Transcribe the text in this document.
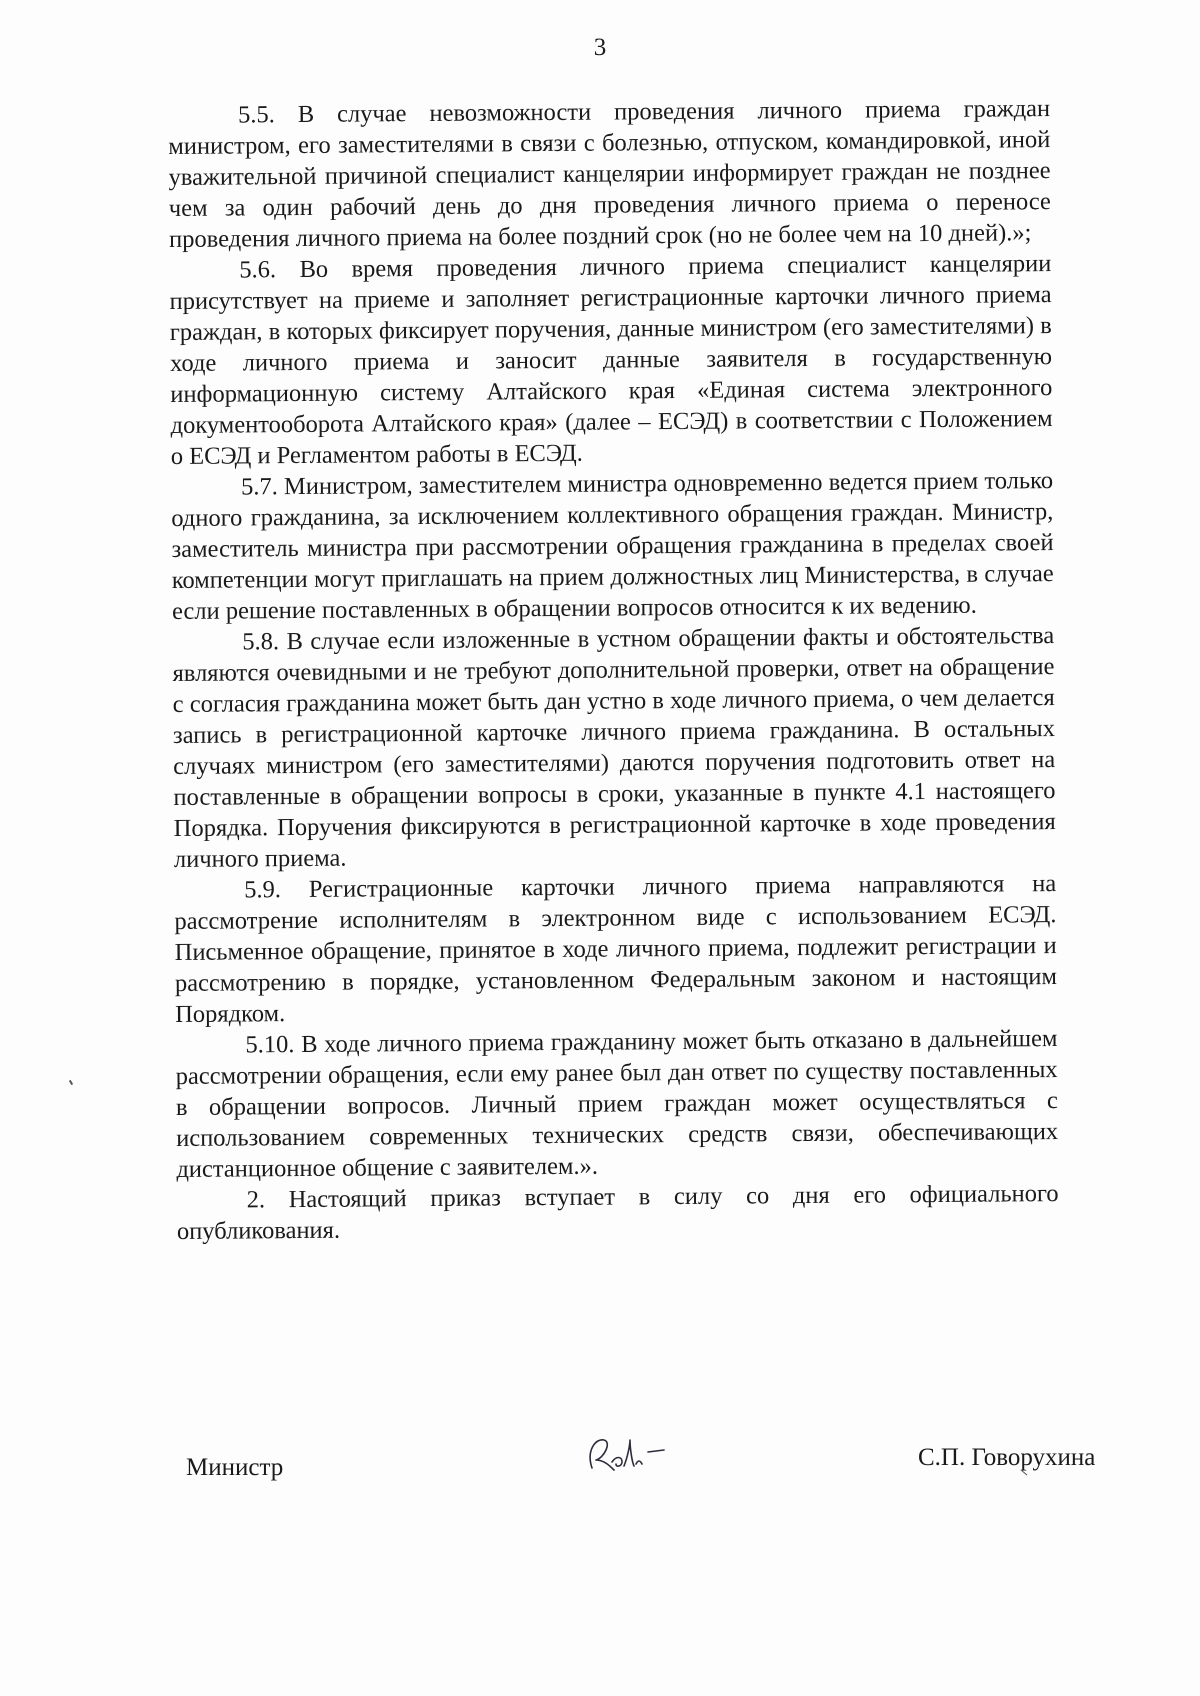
3

5.5. В случае невозможности проведения личного приема граждан министром, его заместителями в связи с болезнью, отпуском, командировкой, иной уважительной причиной специалист канцелярии информирует граждан не позднее чем за один рабочий день до дня проведения личного приема о переносе проведения личного приема на более поздний срок (но не более чем на 10 дней).»;

5.6. Во время проведения личного приема специалист канцелярии присутствует на приеме и заполняет регистрационные карточки личного приема граждан, в которых фиксирует поручения, данные министром (его заместителями) в ходе личного приема и заносит данные заявителя в государственную информационную систему Алтайского края «Единая система электронного документооборота Алтайского края» (далее – ЕСЭД) в соответствии с Положением о ЕСЭД и Регламентом работы в ЕСЭД.

5.7. Министром, заместителем министра одновременно ведется прием только одного гражданина, за исключением коллективного обращения граждан. Министр, заместитель министра при рассмотрении обращения гражданина в пределах своей компетенции могут приглашать на прием должностных лиц Министерства, в случае если решение поставленных в обращении вопросов относится к их ведению.

5.8. В случае если изложенные в устном обращении факты и обстоятельства являются очевидными и не требуют дополнительной проверки, ответ на обращение с согласия гражданина может быть дан устно в ходе личного приема, о чем делается запись в регистрационной карточке личного приема гражданина. В остальных случаях министром (его заместителями) даются поручения подготовить ответ на поставленные в обращении вопросы в сроки, указанные в пункте 4.1 настоящего Порядка. Поручения фиксируются в регистрационной карточке в ходе проведения личного приема.

5.9. Регистрационные карточки личного приема направляются на рассмотрение исполнителям в электронном виде с использованием ЕСЭД. Письменное обращение, принятое в ходе личного приема, подлежит регистрации и рассмотрению в порядке, установленном Федеральным законом и настоящим Порядком.

5.10. В ходе личного приема гражданину может быть отказано в дальнейшем рассмотрении обращения, если ему ранее был дан ответ по существу поставленных в обращении вопросов. Личный прием граждан может осуществляться с использованием современных технических средств связи, обеспечивающих дистанционное общение с заявителем.».

2. Настоящий приказ вступает в силу со дня его официального опубликования.

Министр	С.П. Говорухина
